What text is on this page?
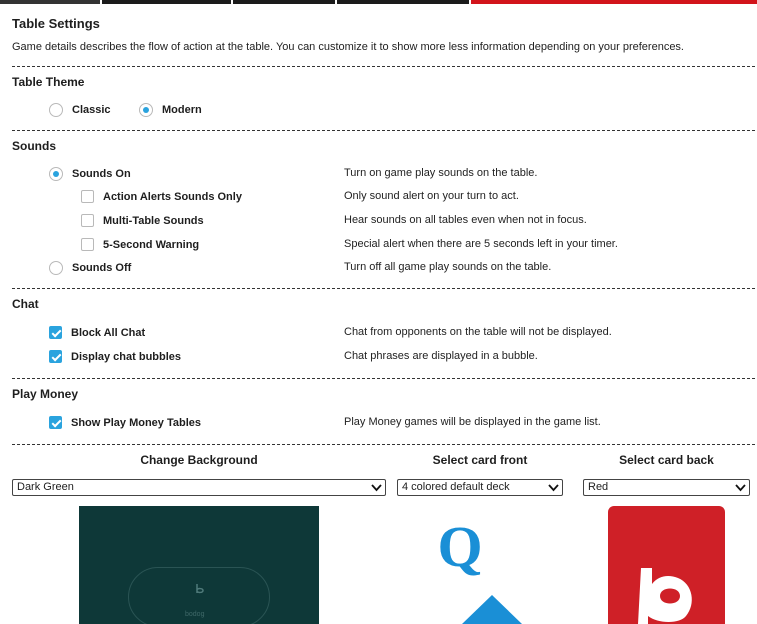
Table Settings
Game details describes the flow of action at the table. You can customize it to show more less information depending on your preferences.
Table Theme
Classic	Modern
Sounds
Sounds On	Turn on game play sounds on the table.
Action Alerts Sounds Only	Only sound alert on your turn to act.
Multi-Table Sounds	Hear sounds on all tables even when not in focus.
5-Second Warning	Special alert when there are 5 seconds left in your timer.
Sounds Off	Turn off all game play sounds on the table.
Chat
Block All Chat	Chat from opponents on the table will not be displayed.
Display chat bubbles	Chat phrases are displayed in a bubble.
Play Money
Show Play Money Tables	Play Money games will be displayed in the game list.
Change Background	Select card front	Select card back
Dark Green	4 colored default deck	Red
bodog
Q
